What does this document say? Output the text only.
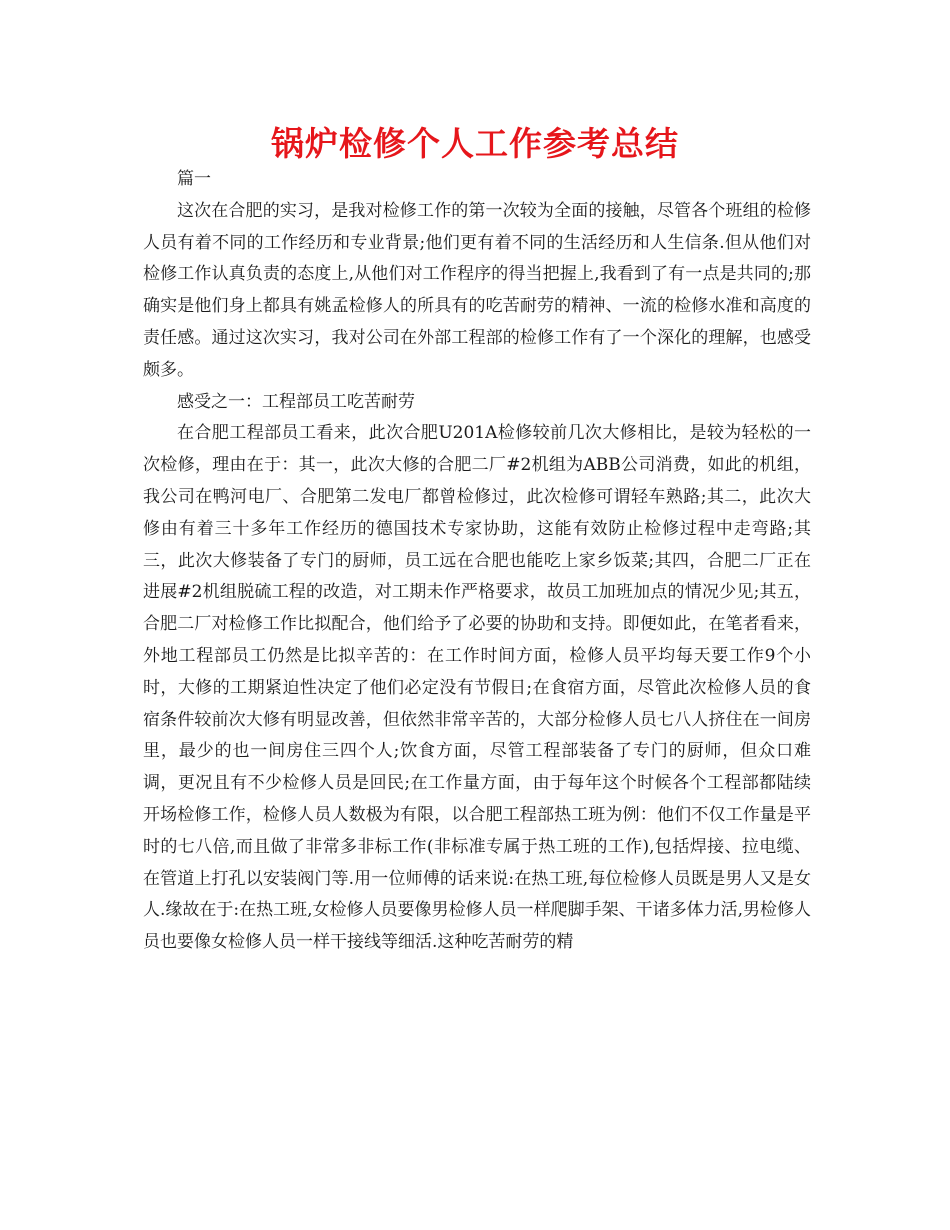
锅炉检修个人工作参考总结

篇一

这次在合肥的实习，是我对检修工作的第一次较为全面的接触，尽管各个班组的检修人员有着不同的工作经历和专业背景;他们更有着不同的生活经历和人生信条.但从他们对检修工作认真负责的态度上,从他们对工作程序的得当把握上,我看到了有一点是共同的;那确实是他们身上都具有姚孟检修人的所具有的吃苦耐劳的精神、一流的检修水准和高度的责任感。通过这次实习，我对公司在外部工程部的检修工作有了一个深化的理解，也感受颇多。

感受之一：工程部员工吃苦耐劳

在合肥工程部员工看来，此次合肥U201A检修较前几次大修相比，是较为轻松的一次检修，理由在于：其一，此次大修的合肥二厂#2机组为ABB公司消费，如此的机组，我公司在鸭河电厂、合肥第二发电厂都曾检修过，此次检修可谓轻车熟路;其二，此次大修由有着三十多年工作经历的德国技术专家协助，这能有效防止检修过程中走弯路;其三，此次大修装备了专门的厨师，员工远在合肥也能吃上家乡饭菜;其四，合肥二厂正在进展#2机组脱硫工程的改造，对工期未作严格要求，故员工加班加点的情况少见;其五，合肥二厂对检修工作比拟配合，他们给予了必要的协助和支持。即便如此，在笔者看来，外地工程部员工仍然是比拟辛苦的：在工作时间方面，检修人员平均每天要工作9个小时，大修的工期紧迫性决定了他们必定没有节假日;在食宿方面，尽管此次检修人员的食宿条件较前次大修有明显改善，但依然非常辛苦的，大部分检修人员七八人挤住在一间房里，最少的也一间房住三四个人;饮食方面，尽管工程部装备了专门的厨师，但众口难调，更况且有不少检修人员是回民;在工作量方面，由于每年这个时候各个工程部都陆续开场检修工作，检修人员人数极为有限，以合肥工程部热工班为例：他们不仅工作量是平时的七八倍,而且做了非常多非标工作(非标准专属于热工班的工作),包括焊接、拉电缆、在管道上打孔以安装阀门等.用一位师傅的话来说:在热工班,每位检修人员既是男人又是女人.缘故在于:在热工班,女检修人员要像男检修人员一样爬脚手架、干诸多体力活,男检修人员也要像女检修人员一样干接线等细活.这种吃苦耐劳的精
